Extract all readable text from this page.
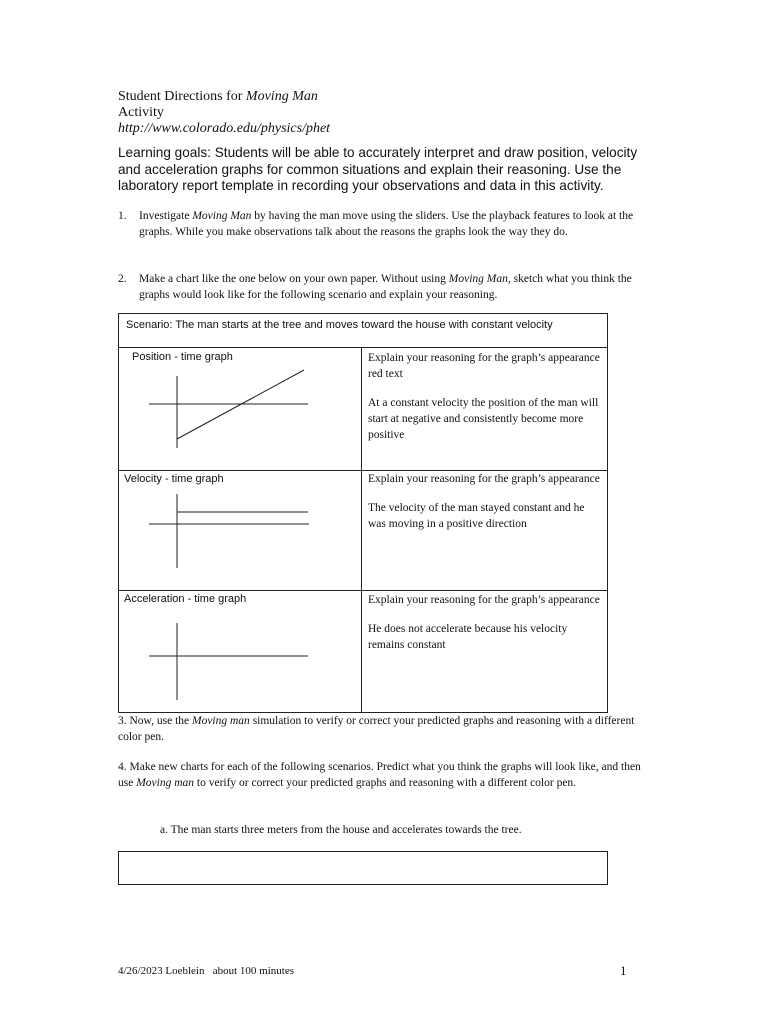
Student Directions for Moving Man
Activity
http://www.colorado.edu/physics/phet
Learning goals: Students will be able to accurately interpret and draw position, velocity and acceleration graphs for common situations and explain their reasoning. Use the laboratory report template in recording your observations and data in this activity.
1.	Investigate Moving Man by having the man move using the sliders. Use the playback features to look at the graphs. While you make observations talk about the reasons the graphs look the way they do.
2.	Make a chart like the one below on your own paper. Without using Moving Man, sketch what you think the graphs would look like for the following scenario and explain your reasoning.
Scenario: The man starts at the tree and moves toward the house with constant velocity
Position - time graph	Explain your reasoning for the graph’s appearance red text

At a constant velocity the position of the man will start at negative and consistently become more positive

Velocity - time graph	Explain your reasoning for the graph’s appearance

The velocity of the man stayed constant and he was moving in a positive direction

Acceleration - time graph	Explain your reasoning for the graph’s appearance

He does not accelerate because his velocity remains constant

3. Now, use the Moving man simulation to verify or correct your predicted graphs and reasoning with a different color pen.
4. Make new charts for each of the following scenarios. Predict what you think the graphs will look like, and then use Moving man to verify or correct your predicted graphs and reasoning with a different color pen.
a. The man starts three meters from the house and accelerates towards the tree.
4/26/2023 Loeblein   about 100 minutes	1
